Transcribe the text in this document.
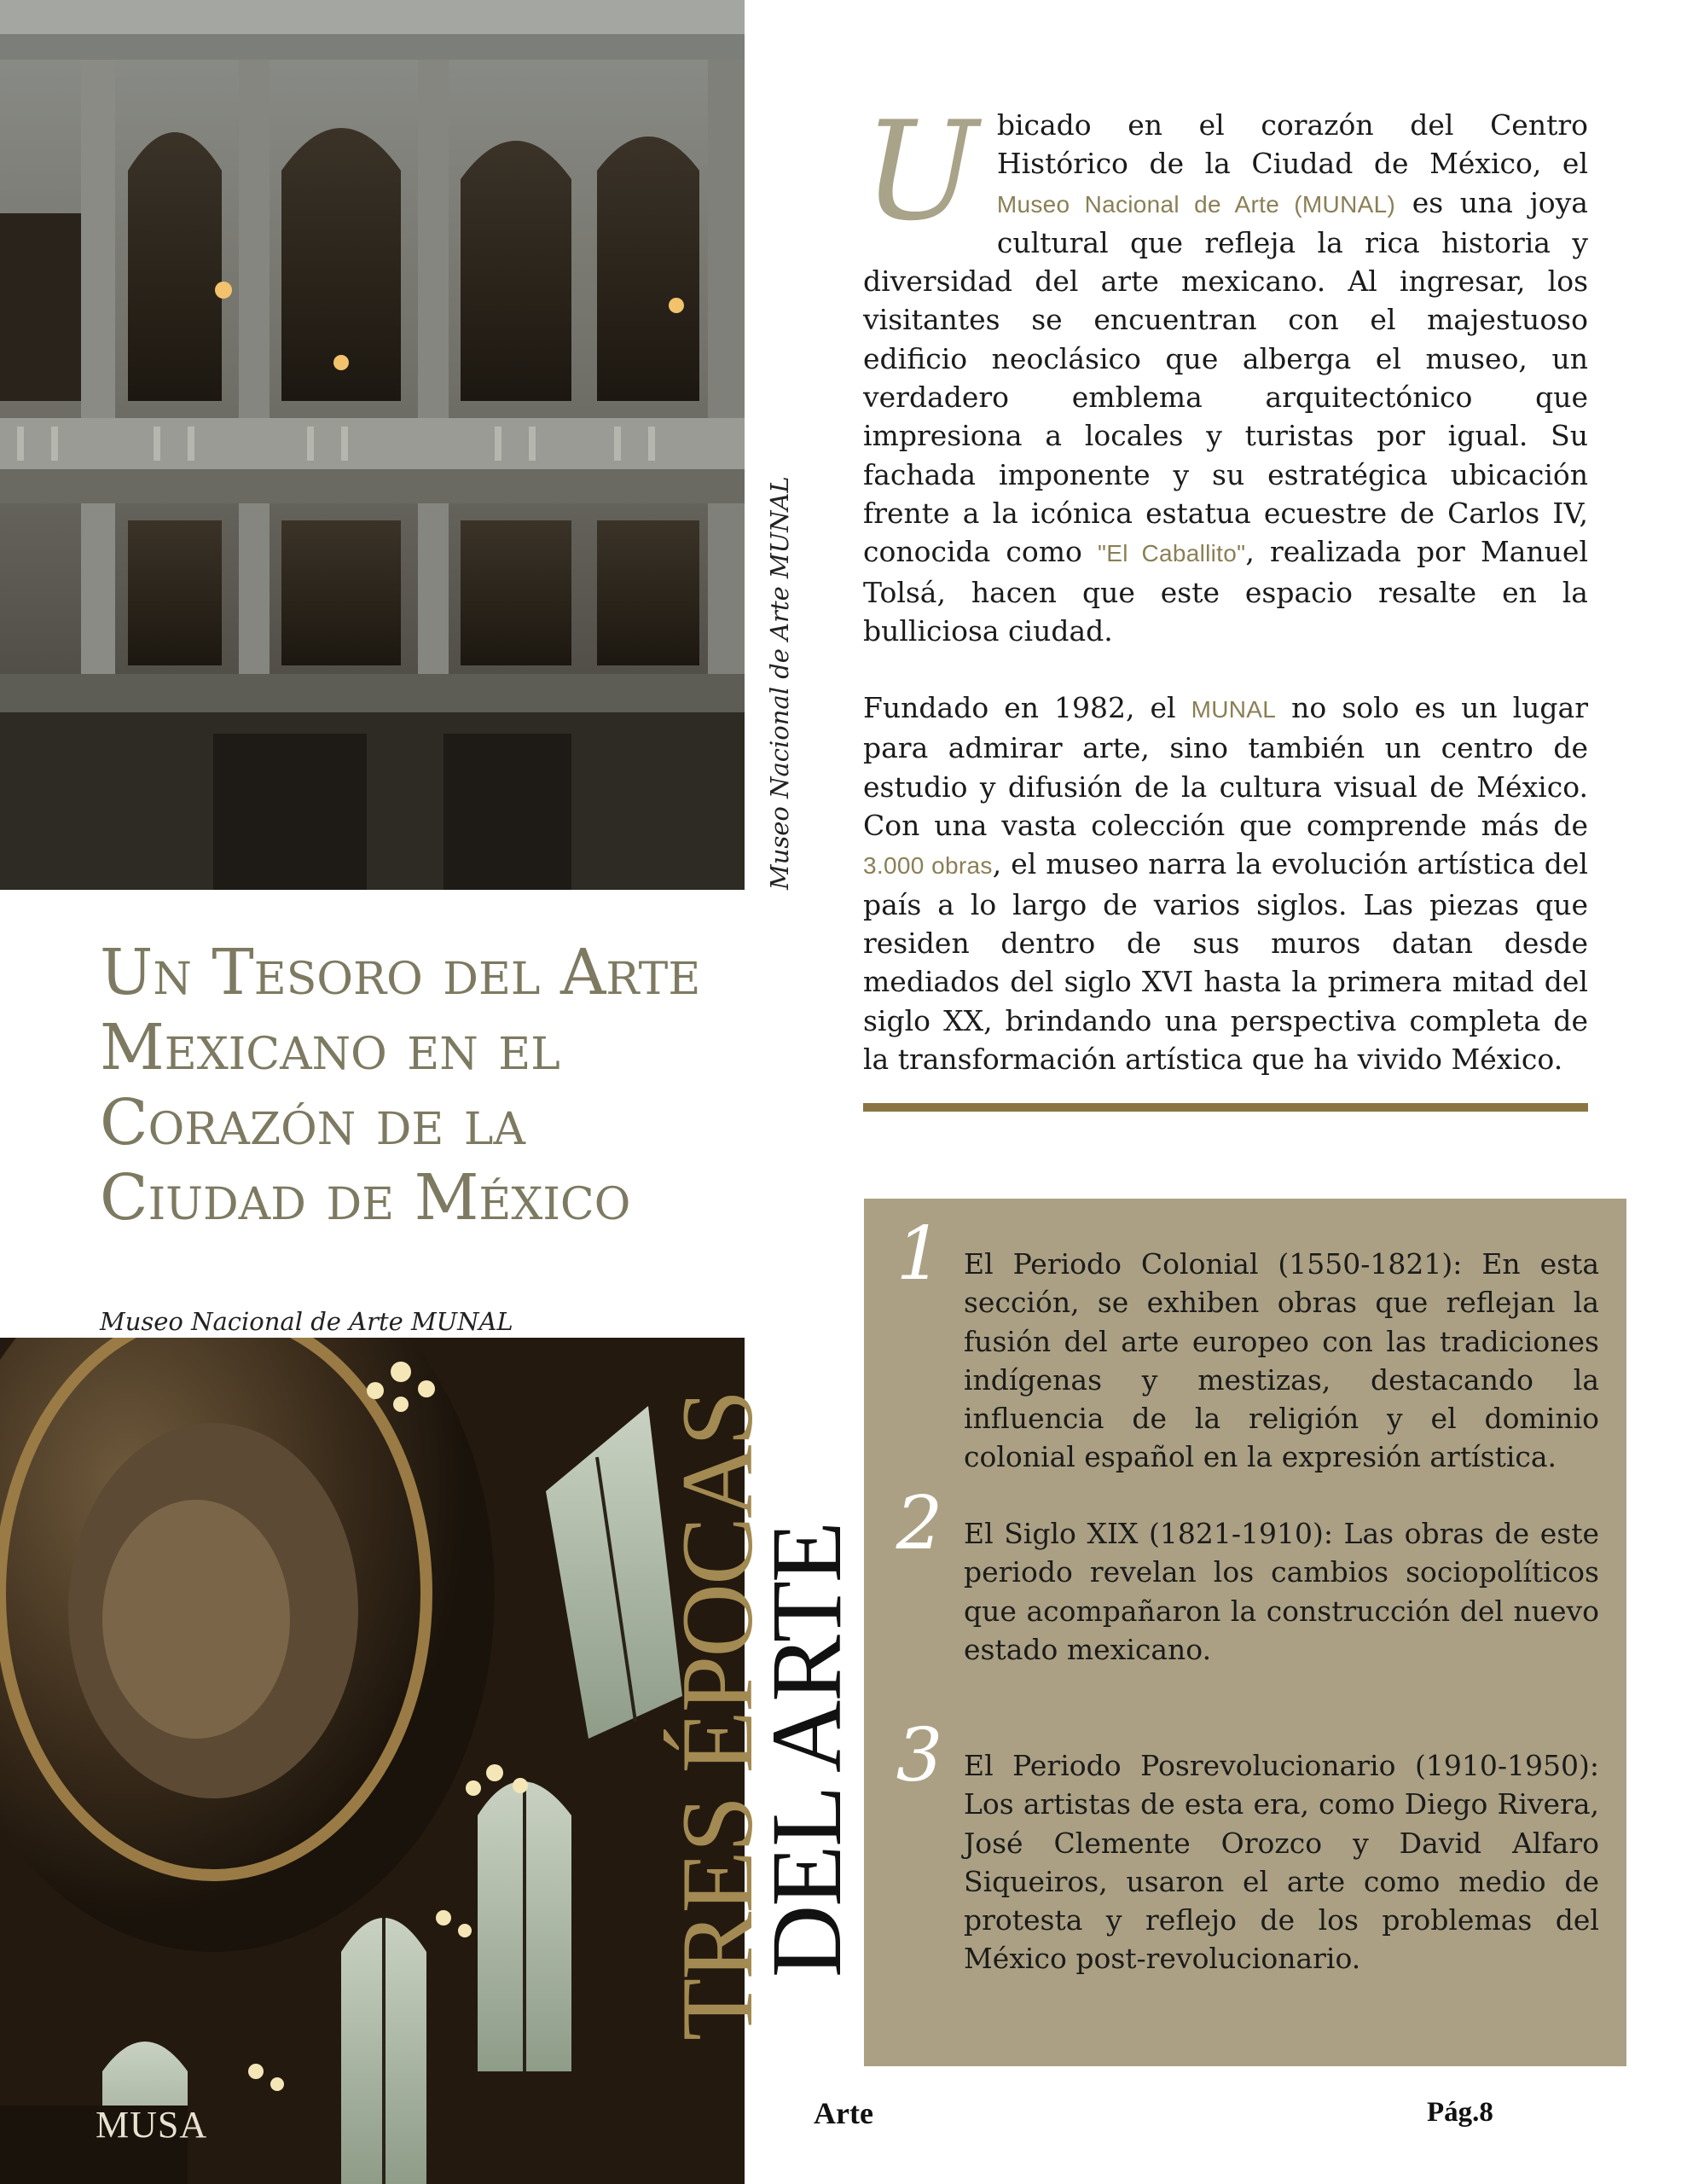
Museo Nacional de Arte MUNAL
Un Tesoro del Arte Mexicano en el Corazón de la Ciudad de México
Museo Nacional de Arte MUNAL
TRES ÉPOCAS
DEL ARTE
MUSA

Ubicado en el corazón del Centro Histórico de la Ciudad de México, el Museo Nacional de Arte (MUNAL) es una joya cultural que refleja la rica historia y diversidad del arte mexicano. Al ingresar, los visitantes se encuentran con el majestuoso edificio neoclásico que alberga el museo, un verdadero emblema arquitectónico que impresiona a locales y turistas por igual. Su fachada imponente y su estratégica ubicación frente a la icónica estatua ecuestre de Carlos IV, conocida como "El Caballito", realizada por Manuel Tolsá, hacen que este espacio resalte en la bulliciosa ciudad.

Fundado en 1982, el MUNAL no solo es un lugar para admirar arte, sino también un centro de estudio y difusión de la cultura visual de México. Con una vasta colección que comprende más de 3.000 obras, el museo narra la evolución artística del país a lo largo de varios siglos. Las piezas que residen dentro de sus muros datan desde mediados del siglo XVI hasta la primera mitad del siglo XX, brindando una perspectiva completa de la transformación artística que ha vivido México.

1 El Periodo Colonial (1550-1821): En esta sección, se exhiben obras que reflejan la fusión del arte europeo con las tradiciones indígenas y mestizas, destacando la influencia de la religión y el dominio colonial español en la expresión artística.
2 El Siglo XIX (1821-1910): Las obras de este periodo revelan los cambios sociopolíticos que acompañaron la construcción del nuevo estado mexicano.
3 El Periodo Posrevolucionario (1910-1950): Los artistas de esta era, como Diego Rivera, José Clemente Orozco y David Alfaro Siqueiros, usaron el arte como medio de protesta y reflejo de los problemas del México post-revolucionario.
Arte	Pág.8
